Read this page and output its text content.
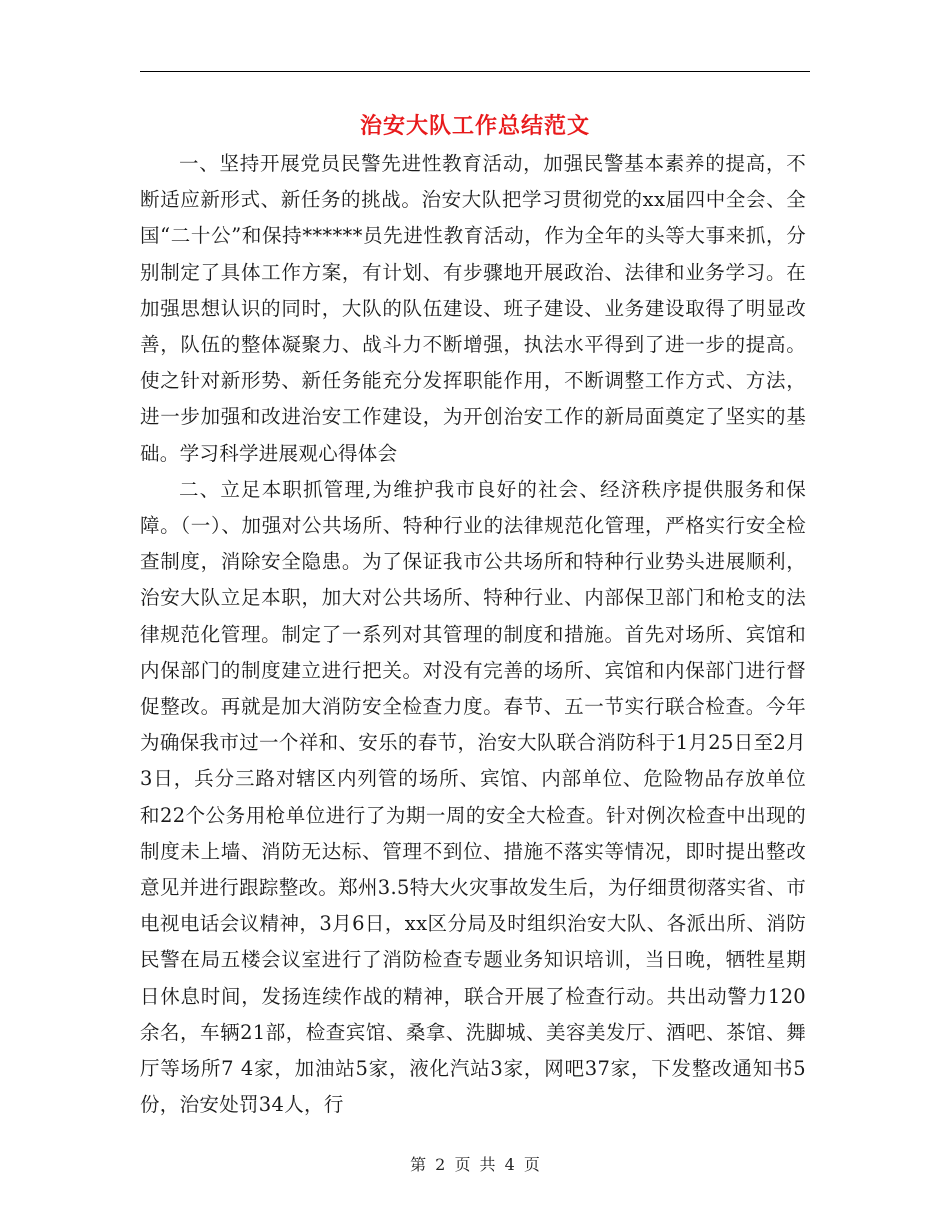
治安大队工作总结范文

一、坚持开展党员民警先进性教育活动，加强民警基本素养的提高，不断适应新形式、新任务的挑战。治安大队把学习贯彻党的xx届四中全会、全国“二十公”和保持******员先进性教育活动，作为全年的头等大事来抓，分别制定了具体工作方案，有计划、有步骤地开展政治、法律和业务学习。在加强思想认识的同时，大队的队伍建设、班子建设、业务建设取得了明显改善，队伍的整体凝聚力、战斗力不断增强，执法水平得到了进一步的提高。使之针对新形势、新任务能充分发挥职能作用，不断调整工作方式、方法，进一步加强和改进治安工作建设，为开创治安工作的新局面奠定了坚实的基础。学习科学进展观心得体会

二、立足本职抓管理,为维护我市良好的社会、经济秩序提供服务和保障。（一）、加强对公共场所、特种行业的法律规范化管理，严格实行安全检查制度，消除安全隐患。为了保证我市公共场所和特种行业势头进展顺利，治安大队立足本职，加大对公共场所、特种行业、内部保卫部门和枪支的法律规范化管理。制定了一系列对其管理的制度和措施。首先对场所、宾馆和内保部门的制度建立进行把关。对没有完善的场所、宾馆和内保部门进行督促整改。再就是加大消防安全检查力度。春节、五一节实行联合检查。今年为确保我市过一个祥和、安乐的春节，治安大队联合消防科于1月25日至2月3日，兵分三路对辖区内列管的场所、宾馆、内部单位、危险物品存放单位和22个公务用枪单位进行了为期一周的安全大检查。针对例次检查中出现的制度未上墙、消防无达标、管理不到位、措施不落实等情况，即时提出整改意见并进行跟踪整改。郑州3.5特大火灾事故发生后，为仔细贯彻落实省、市电视电话会议精神，3月6日，xx区分局及时组织治安大队、各派出所、消防民警在局五楼会议室进行了消防检查专题业务知识培训，当日晚，牺牲星期日休息时间，发扬连续作战的精神，联合开展了检查行动。共出动警力120余名，车辆21部，检查宾馆、桑拿、洗脚城、美容美发厅、酒吧、茶馆、舞厅等场所7 4家，加油站5家，液化汽站3家，网吧37家，下发整改通知书5份，治安处罚34人，行

第 2 页 共 4 页
